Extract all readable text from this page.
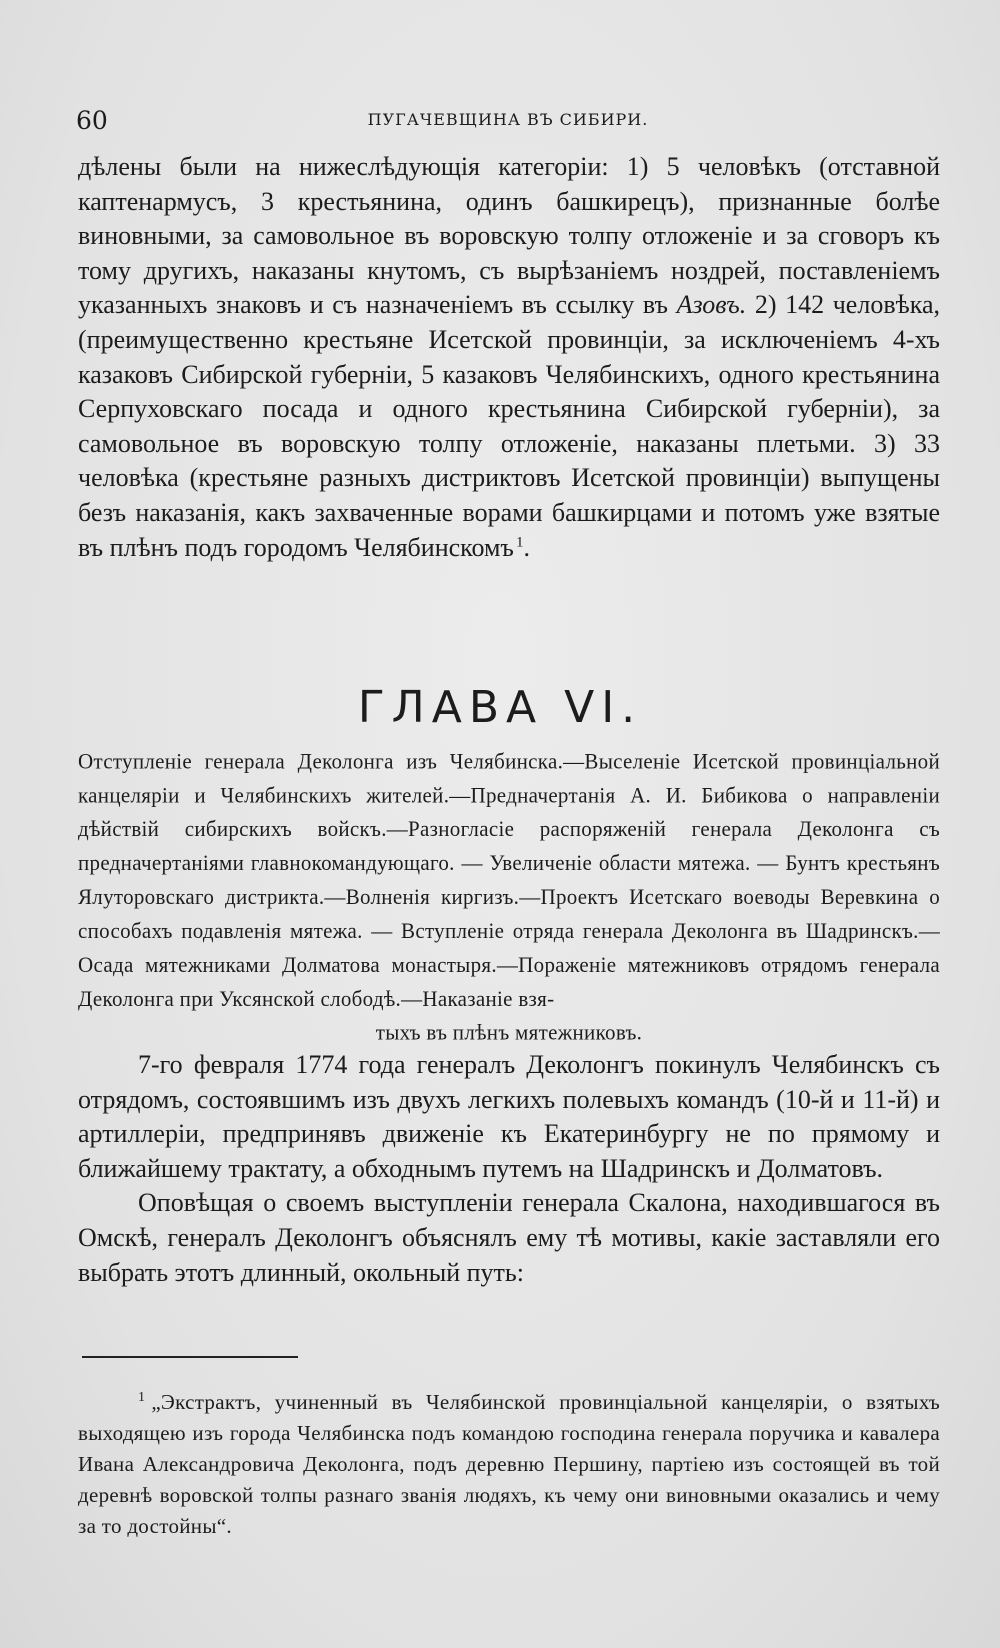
60	ПУГАЧЕВЩИНА ВЪ СИБИРИ.

дѣлены были на нижеслѣдующія категоріи: 1) 5 человѣкъ (отставной каптенармусъ, 3 крестьянина, одинъ башкирецъ), признанные болѣе виновными, за самовольное въ воровскую толпу отложеніе и за сговоръ къ тому другихъ, наказаны кнутомъ, съ вырѣзаніемъ ноздрей, поставленіемъ указанныхъ знаковъ и съ назначеніемъ въ ссылку въ Азовъ. 2) 142 человѣка, (преимущественно крестьяне Исетской провинціи, за исключеніемъ 4-хъ казаковъ Сибирской губерніи, 5 казаковъ Челябинскихъ, одного крестьянина Серпуховскаго посада и одного крестьянина Сибирской губерніи), за самовольное въ воровскую толпу отложеніе, наказаны плетьми. 3) 33 человѣка (крестьяне разныхъ дистриктовъ Исетской провинціи) выпущены безъ наказанія, какъ захваченные ворами башкирцами и потомъ уже взятые въ плѣнъ подъ городомъ Челябинскомъ  $^1$.

ГЛАВА VI.
Отступленіе генерала Деколонга изъ Челябинска.—Выселеніе Исетской провинціальной канцеляріи и Челябинскихъ жителей.—Предначертанія А. И. Бибикова о направленіи дѣйствій сибирскихъ войскъ.—Разногласіе распоряженій генерала Деколонга съ предначертаніями главнокомандующаго. — Увеличеніе области мятежа. — Бунтъ крестьянъ Ялуторовскаго дистрикта.—Волненія киргизъ.—Проектъ Исетскаго воеводы Веревкина о способахъ подавленія мятежа. — Вступленіе отряда генерала Деколонга въ Шадринскъ.—Осада мятежниками Долматова монастыря.—Пораженіе мятежниковъ отрядомъ генерала Деколонга при Уксянской слободѣ.—Наказаніе взя-
тыхъ въ плѣнъ мятежниковъ.

7-го февраля 1774 года генералъ Деколонгъ покинулъ Челябинскъ съ отрядомъ, состоявшимъ изъ двухъ легкихъ полевыхъ командъ (10-й и 11-й) и артиллеріи, предпринявъ движеніе къ Екатеринбургу не по прямому и ближайшему трактату, а обходнымъ путемъ на Шадринскъ и Долматовъ.

Оповѣщая о своемъ выступленіи генерала Скалона, находившагося въ Омскѣ, генералъ Деколонгъ объяснялъ ему тѣ мотивы, какіе заставляли его выбрать этотъ длинный, окольный путь:

$^1$ „Экстрактъ, учиненный въ Челябинской провинціальной канцеляріи, о взятыхъ выходящею изъ города Челябинска подъ командою господина генерала поручика и кавалера Ивана Александровича Деколонга, подъ деревню Першину, партіею изъ состоящей въ той деревнѣ воровской толпы разнаго званія людяхъ, къ чему они виновными оказались и чему за то достойны“.
